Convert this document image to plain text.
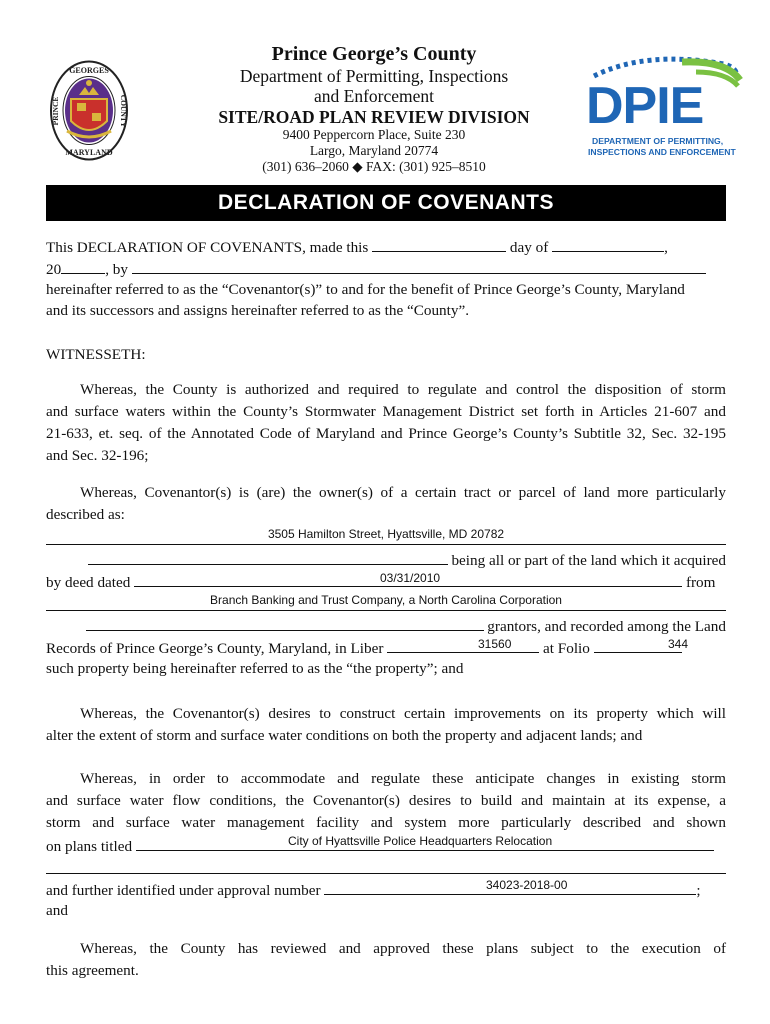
GEORGES
MARYLAND
PRINCE	COUNTY
Prince George’s County
Department of Permitting, Inspections
and Enforcement
SITE/ROAD PLAN REVIEW DIVISION
9400 Peppercorn Place, Suite 230
Largo, Maryland 20774
(301) 636–2060 ◆ FAX: (301) 925–8510
DPIE
DEPARTMENT OF PERMITTING,
INSPECTIONS AND ENFORCEMENT
DECLARATION OF COVENANTS
This DECLARATION OF COVENANTS, made this	day of	,
20	, by
hereinafter referred to as the “Covenantor(s)” to and for the benefit of Prince George’s County, Maryland
and its successors and assigns hereinafter referred to as the “County”.
WITNESSETH:
Whereas, the County is authorized and required to regulate and control the disposition of storm
and surface waters within the County’s Stormwater Management District set forth in Articles 21-607 and
21-633, et. seq. of the Annotated Code of Maryland and Prince George’s County’s Subtitle 32, Sec. 32-195
and Sec. 32-196;
Whereas, Covenantor(s) is (are) the owner(s) of a certain tract or parcel of land more particularly
described as:
3505 Hamilton Street, Hyattsville, MD 20782
being all or part of the land which it acquired
by deed dated	from
03/31/2010
Branch Banking and Trust Company, a North Carolina Corporation
grantors, and recorded among the Land
Records of Prince George’s County, Maryland, in Liber	at Folio
31560	344
such property being hereinafter referred to as the “the property”; and
Whereas, the Covenantor(s) desires to construct certain improvements on its property which will
alter the extent of storm and surface water conditions on both the property and adjacent lands; and
Whereas, in order to accommodate and regulate these anticipate changes in existing storm
and surface water flow conditions, the Covenantor(s) desires to build and maintain at its expense, a
storm and surface water management facility and system more particularly described and shown
on plans titled	City of Hyattsville Police Headquarters Relocation
and further identified under approval number	;
34023-2018-00
and
Whereas, the County has reviewed and approved these plans subject to the execution of
this agreement.
